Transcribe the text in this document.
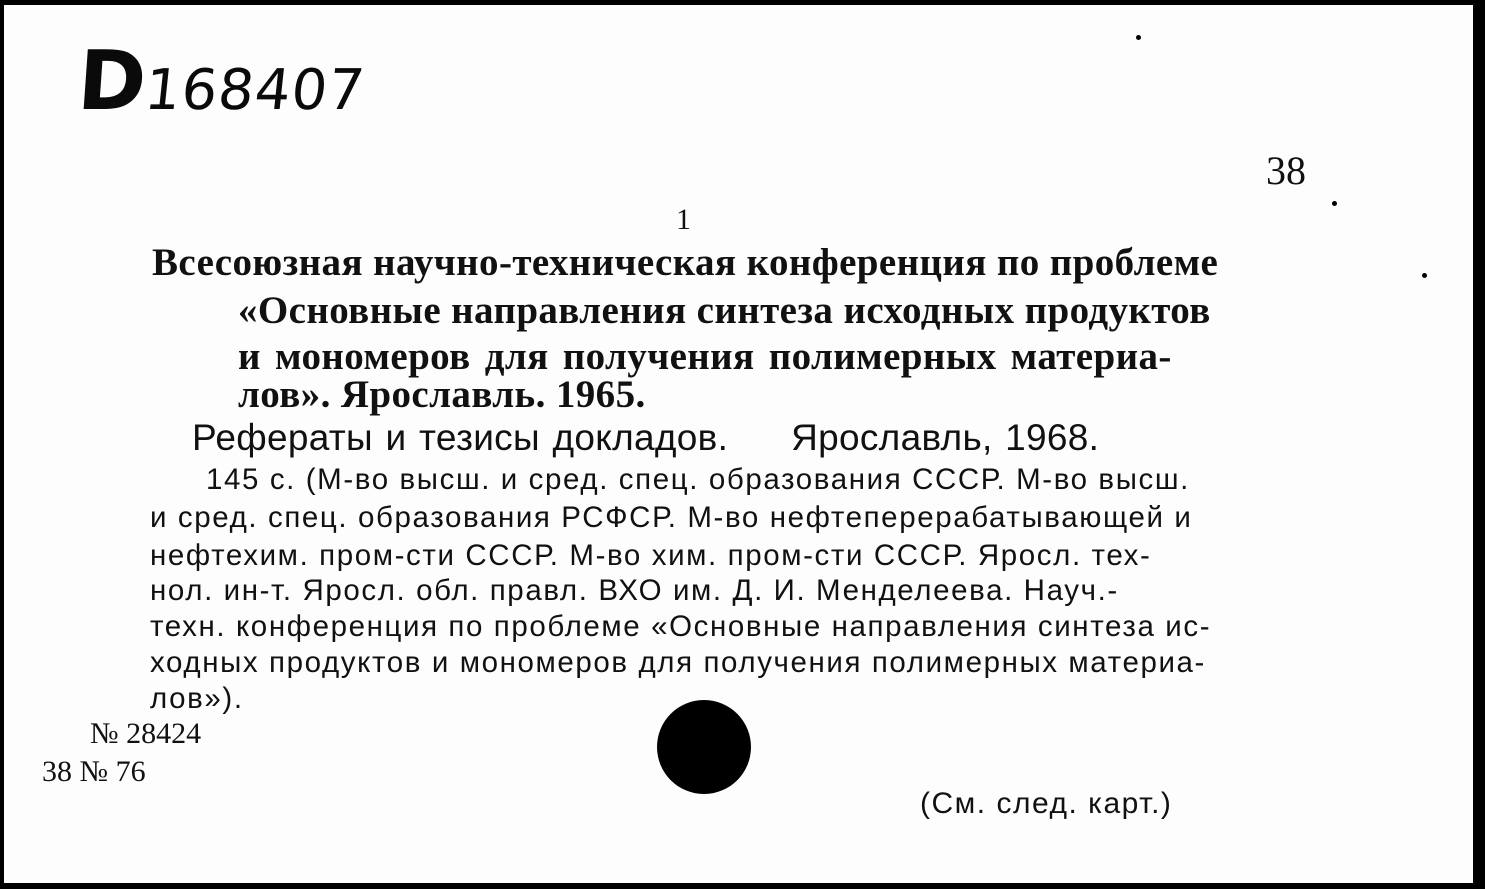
D168407
38
1
Всесоюзная научно-техническая конференция по проблеме
«Основные направления синтеза исходных продуктов
и мономеров для получения полимерных материа-
лов». Ярославль. 1965.
Рефераты и тезисы докладов.     Ярославль, 1968.
145 с. (М-во высш. и сред. спец. образования СССР. М-во высш.
и сред. спец. образования РСФСР. М-во нефтеперерабатывающей и
нефтехим. пром-сти СССР. М-во хим. пром-сти СССР. Яросл. тех-
нол. ин-т. Яросл. обл. правл. ВХО им. Д. И. Менделеева. Науч.-
техн. конференция по проблеме «Основные направления синтеза ис-
ходных продуктов и мономеров для получения полимерных материа-
лов»).
№ 28424
38 № 76
(См. след. карт.)
